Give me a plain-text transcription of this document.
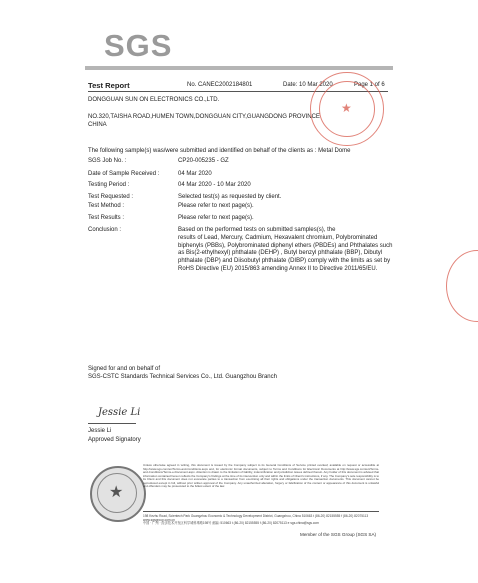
SGS
Test Report	No. CANEC2002184801	Date: 10 Mar 2020	Page 1 of 6
DONGGUAN SUN ON ELECTRONICS CO.,LTD.
NO.320,TAISHA ROAD,HUMEN TOWN,DONGGUAN CITY,GUANGDONG PROVINCE
CHINA
The following sample(s) was/were submitted and identified on behalf of the clients as : Metal Dome
SGS Job No. :	CP20-005235 - GZ
Date of Sample Received :	04 Mar 2020
Testing Period :	04 Mar 2020 - 10 Mar 2020
Test Requested :	Selected test(s) as requested by client.
Test Method :	Please refer to next page(s).
Test Results :	Please refer to next page(s).
Conclusion :	Based on the performed tests on submitted samples(s), the
results of Lead, Mercury, Cadmium, Hexavalent chromium, Polybrominated
biphenyls (PBBs), Polybrominated diphenyl ethers (PBDEs) and Phthalates such
as Bis(2-ethylhexyl) phthalate (DEHP) , Butyl benzyl phthalate (BBP), Dibutyl
phthalate (DBP) and Diisobutyl phthalate (DIBP) comply with the limits as set by
RoHS Directive (EU) 2015/863 amending Annex II to Directive 2011/65/EU.
Signed for and on behalf of
SGS-CSTC Standards Technical Services Co., Ltd. Guangzhou Branch
Jessie Li
Jessie Li
Approved Signatory
★
★
Unless otherwise agreed in writing, this document is issued by the Company subject to its General Conditions of Service printed overleaf, available on request or accessible at http://www.sgs.com/en/Terms-and-Conditions.aspx and, for electronic format documents, subject to Terms and Conditions for Electronic Documents at http://www.sgs.com/en/Terms-and-Conditions/Terms-e-Document.aspx. Attention is drawn to the limitation of liability, indemnification and jurisdiction issues defined therein. Any holder of this document is advised that information contained hereon reflects the Company's findings at the time of its intervention only and within the limits of Client's instructions, if any. The Company's sole responsibility is to its Client and this document does not exonerate parties to a transaction from exercising all their rights and obligations under the transaction documents. This document cannot be reproduced except in full, without prior written approval of the Company. Any unauthorized alteration, forgery or falsification of the content or appearance of this document is unlawful and offenders may be prosecuted to the fullest extent of the law.
198 Kezhu Road, Scientech Park Guangzhou Economic & Technology Development District, Guangzhou, China 510663 t (86-20) 82155555 f (86-20) 82075113 www.sgsgroup.com.cn
中国 · 广州 · 经济技术开发区科学城科珠路198号 邮编: 510663 t (86-20) 82155555 f (86-20) 82075113 e sgs.china@sgs.com
Member of the SGS Group (SGS SA)
